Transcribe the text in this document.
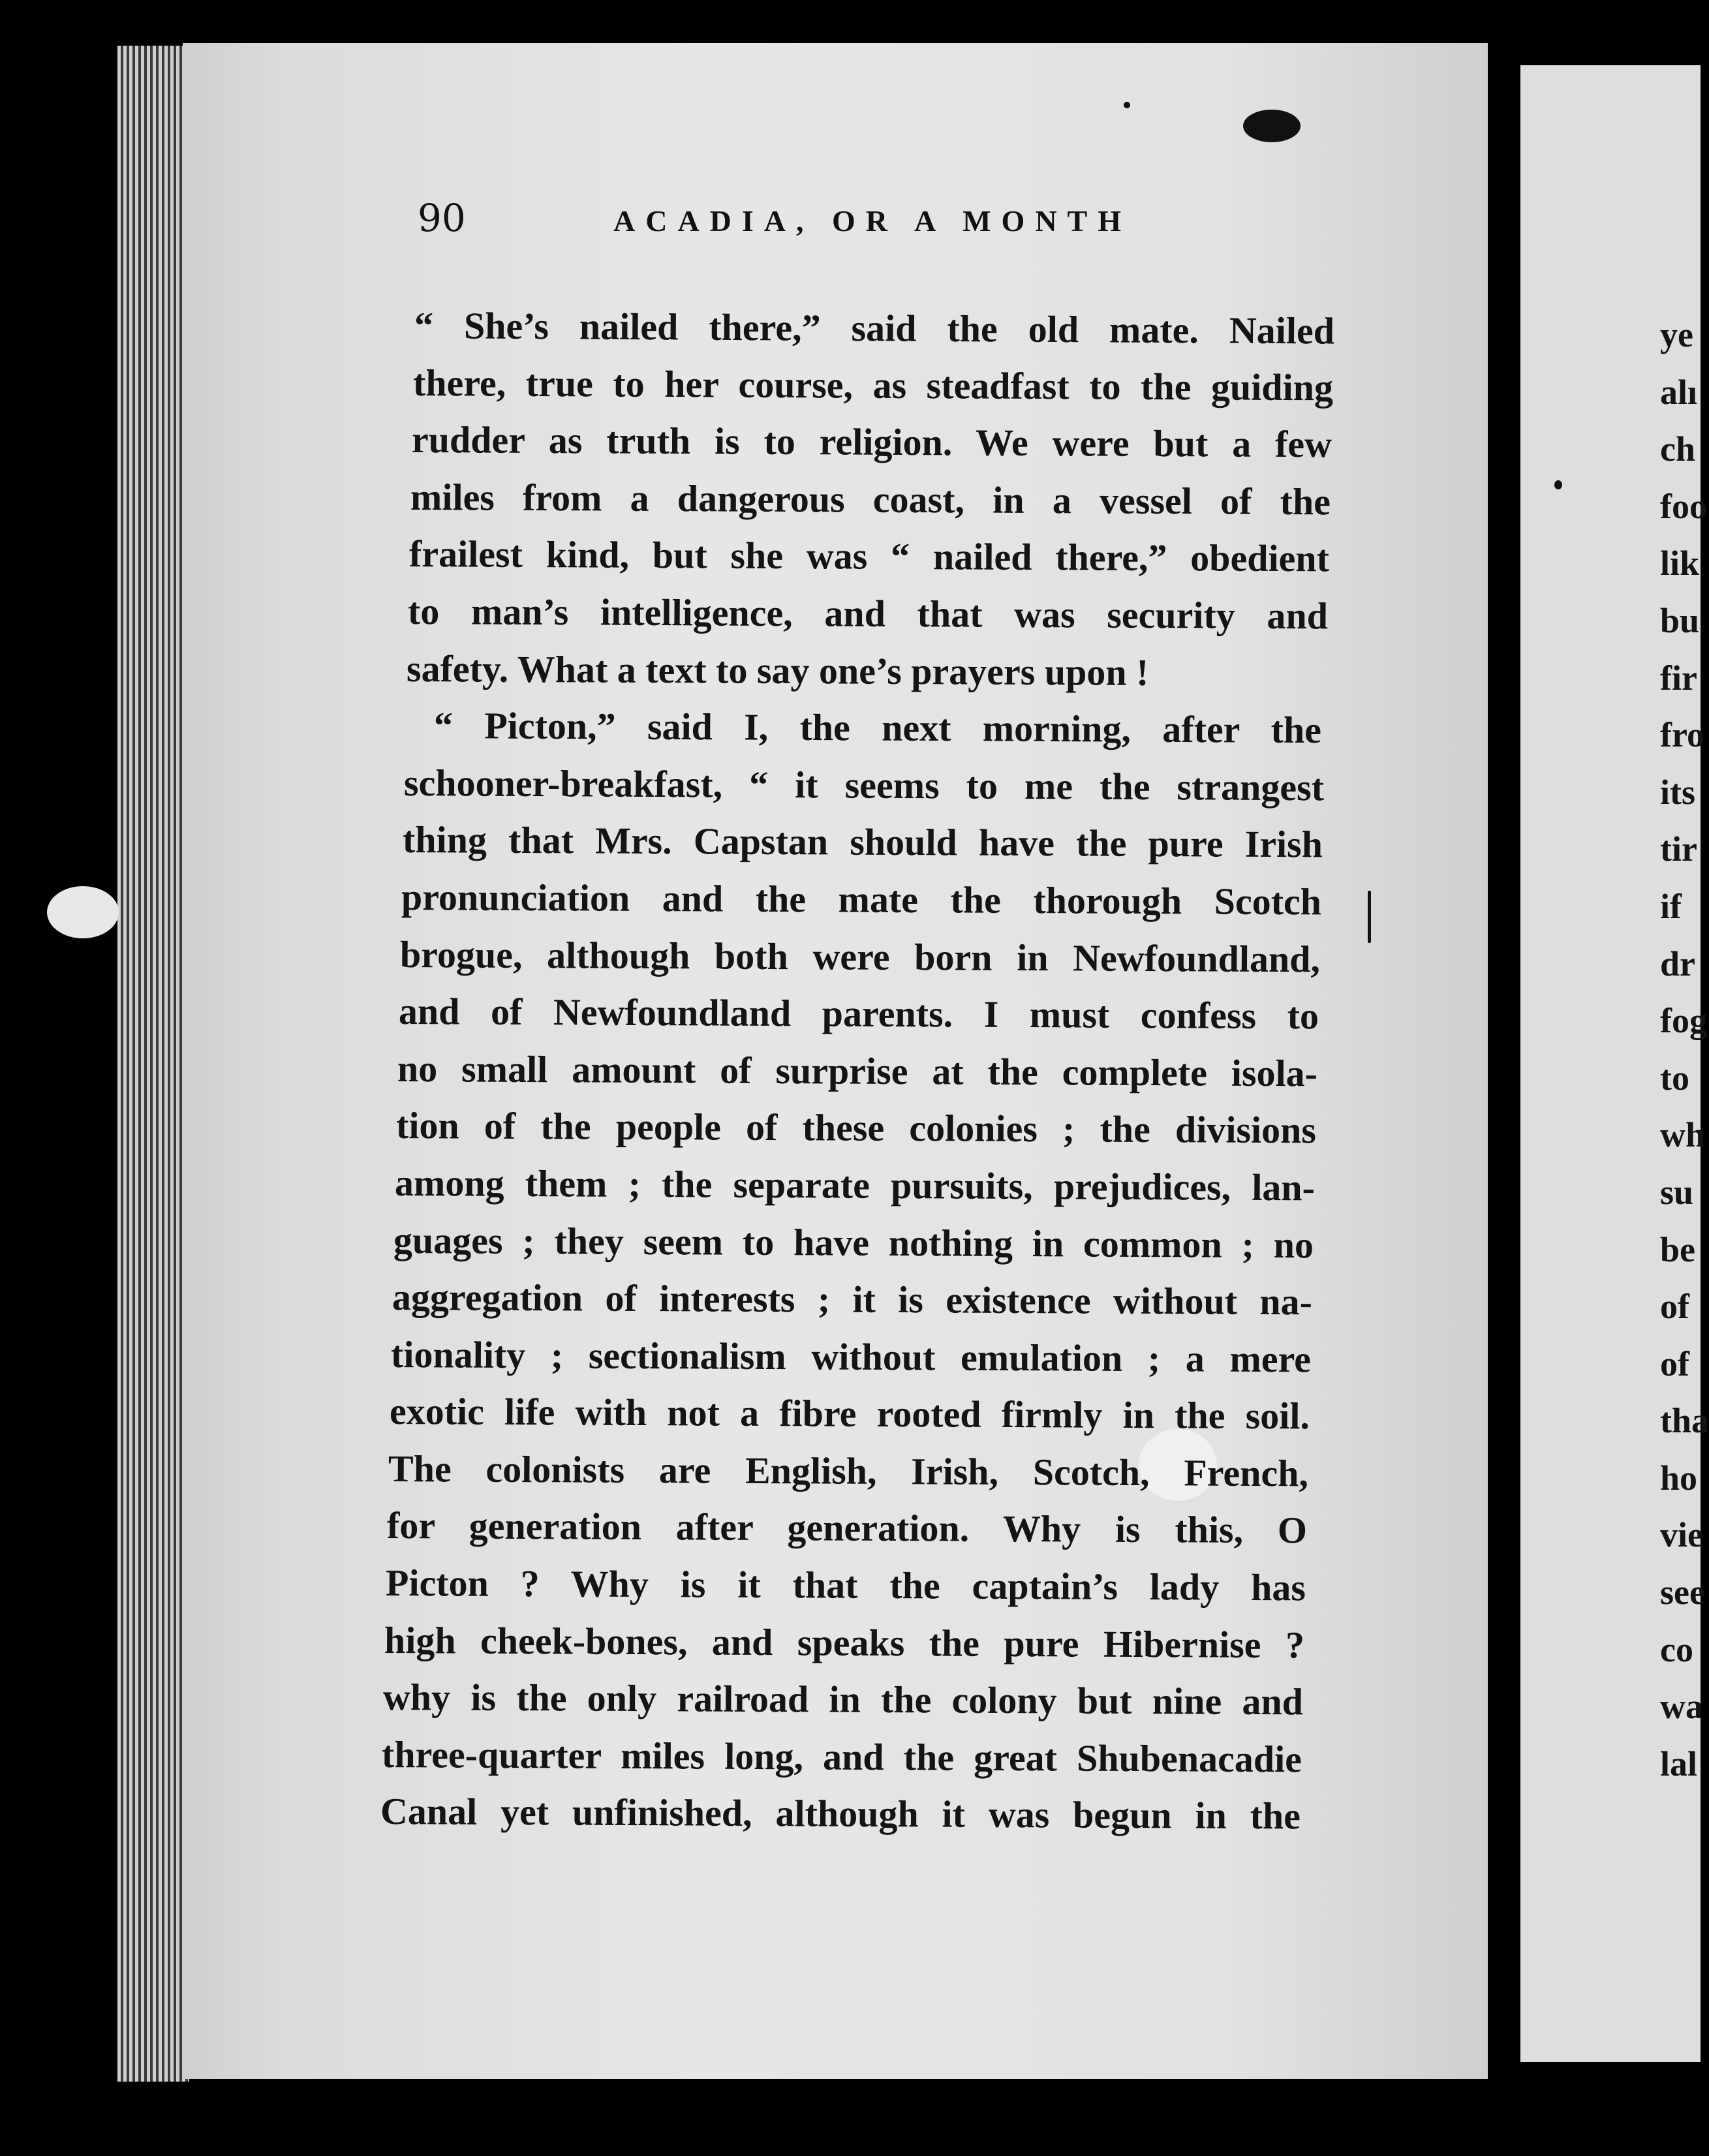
90	ACADIA, OR A MONTH
“ She’s nailed there,” said the old mate. Nailed
there, true to her course, as steadfast to the guiding
rudder as truth is to religion. We were but a few
miles from a dangerous coast, in a vessel of the
frailest kind, but she was “ nailed there,” obedient
to man’s intelligence, and that was security and
safety. What a text to say one’s prayers upon !
“ Picton,” said I, the next morning, after the
schooner-breakfast, “ it seems to me the strangest
thing that Mrs. Capstan should have the pure Irish
pronunciation and the mate the thorough Scotch
brogue, although both were born in Newfoundland,
and of Newfoundland parents. I must confess to
no small amount of surprise at the complete isola-
tion of the people of these colonies ; the divisions
among them ; the separate pursuits, prejudices, lan-
guages ; they seem to have nothing in common ; no
aggregation of interests ; it is existence without na-
tionality ; sectionalism without emulation ; a mere
exotic life with not a fibre rooted firmly in the soil.
The colonists are English, Irish, Scotch, French,
for generation after generation. Why is this, O
Picton ? Why is it that the captain’s lady has
high cheek-bones, and speaks the pure Hibernise ?
why is the only railroad in the colony but nine and
three-quarter miles long, and the great Shubenacadie
Canal yet unfinished, although it was begun in the
ye
alı
ch
foo
lik
bu
fir
fro
its
tir
if
dr
fog
to
wh
su
be
of
of
tha
ho
vie
see
co
wa
lal
